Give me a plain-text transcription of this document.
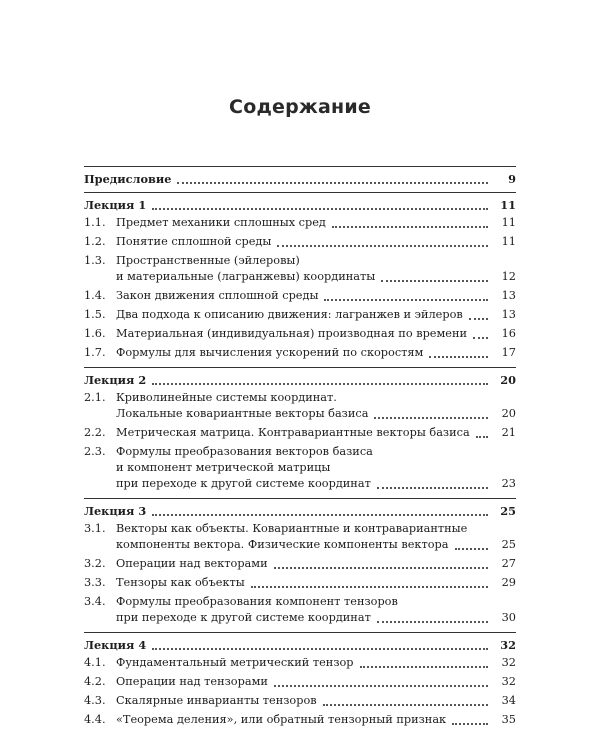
Содержание
Предисловие	9
Лекция 1	11
1.1. Предмет механики сплошных сред	11
1.2. Понятие сплошной среды	11
1.3. Пространственные (эйлеровы)
и материальные (лагранжевы) координаты	12
1.4. Закон движения сплошной среды	13
1.5. Два подхода к описанию движения: лагранжев и эйлеров	13
1.6. Материальная (индивидуальная) производная по времени	16
1.7. Формулы для вычисления ускорений по скоростям	17
Лекция 2	20
2.1. Криволинейные системы координат.
Локальные ковариантные векторы базиса	20
2.2. Метрическая матрица. Контравариантные векторы базиса	21
2.3. Формулы преобразования векторов базиса
и компонент метрической матрицы
при переходе к другой системе координат	23
Лекция 3	25
3.1. Векторы как объекты. Ковариантные и контравариантные
компоненты вектора. Физические компоненты вектора	25
3.2. Операции над векторами	27
3.3. Тензоры как объекты	29
3.4. Формулы преобразования компонент тензоров
при переходе к другой системе координат	30
Лекция 4	32
4.1. Фундаментальный метрический тензор	32
4.2. Операции над тензорами	32
4.3. Скалярные инварианты тензоров	34
4.4. «Теорема деления», или обратный тензорный признак	35
